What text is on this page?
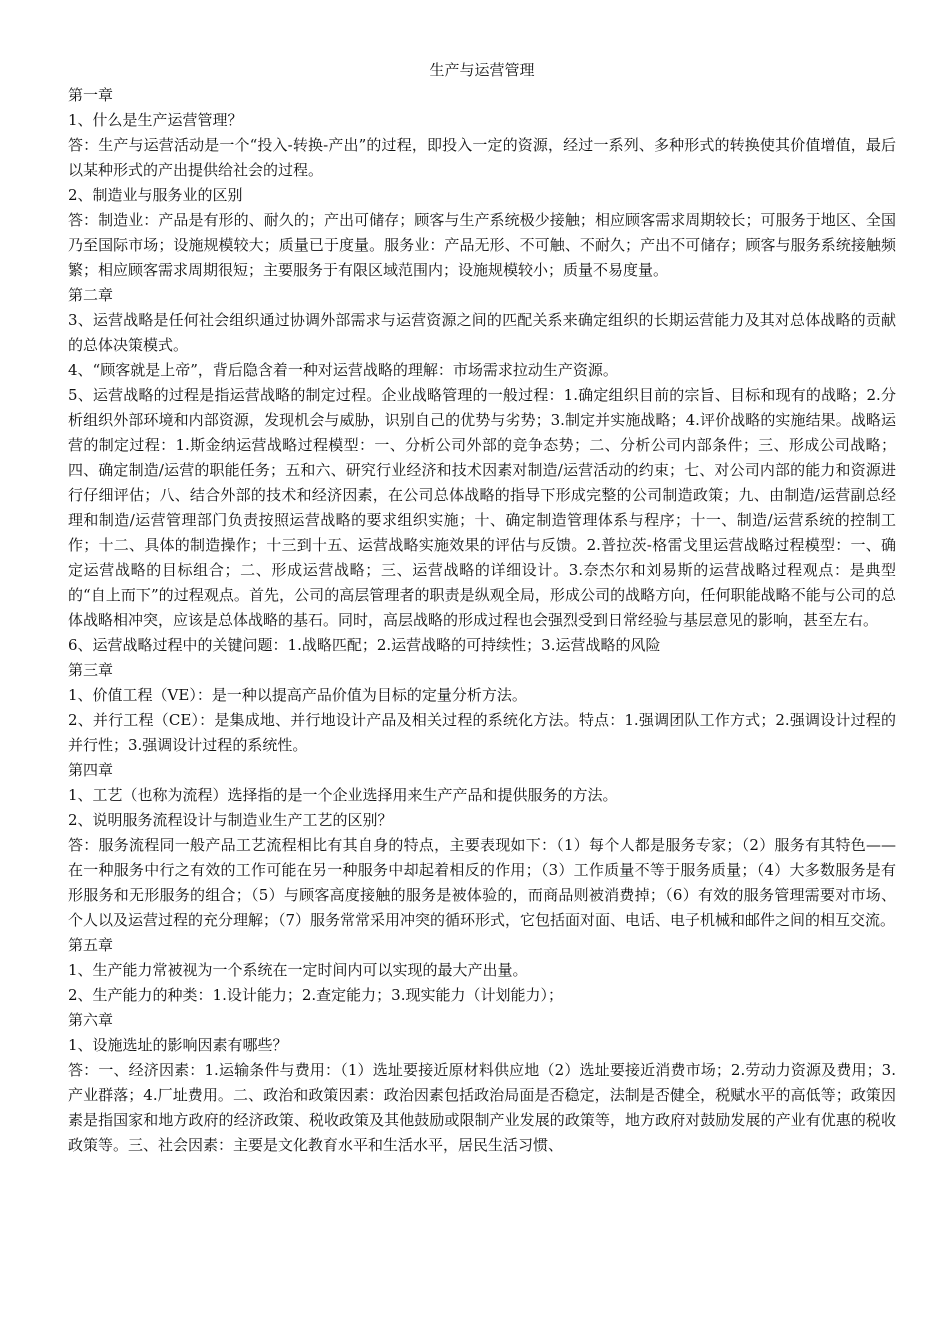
生产与运营管理

第一章

1、什么是生产运营管理？

答：生产与运营活动是一个“投入-转换-产出”的过程，即投入一定的资源，经过一系列、多种形式的转换使其价值增值，最后以某种形式的产出提供给社会的过程。

2、制造业与服务业的区别

答：制造业：产品是有形的、耐久的；产出可储存；顾客与生产系统极少接触；相应顾客需求周期较长；可服务于地区、全国乃至国际市场；设施规模较大；质量已于度量。服务业：产品无形、不可触、不耐久；产出不可储存；顾客与服务系统接触频繁；相应顾客需求周期很短；主要服务于有限区域范围内；设施规模较小；质量不易度量。

第二章

3、运营战略是任何社会组织通过协调外部需求与运营资源之间的匹配关系来确定组织的长期运营能力及其对总体战略的贡献的总体决策模式。

4、“顾客就是上帝”，背后隐含着一种对运营战略的理解：市场需求拉动生产资源。

5、运营战略的过程是指运营战略的制定过程。企业战略管理的一般过程：1.确定组织目前的宗旨、目标和现有的战略；2.分析组织外部环境和内部资源，发现机会与威胁，识别自己的优势与劣势；3.制定并实施战略；4.评价战略的实施结果。战略运营的制定过程：1.斯金纳运营战略过程模型：一、分析公司外部的竞争态势；二、分析公司内部条件；三、形成公司战略；四、确定制造/运营的职能任务；五和六、研究行业经济和技术因素对制造/运营活动的约束；七、对公司内部的能力和资源进行仔细评估；八、结合外部的技术和经济因素，在公司总体战略的指导下形成完整的公司制造政策；九、由制造/运营副总经理和制造/运营管理部门负责按照运营战略的要求组织实施；十、确定制造管理体系与程序；十一、制造/运营系统的控制工作；十二、具体的制造操作；十三到十五、运营战略实施效果的评估与反馈。2.普拉茨-格雷戈里运营战略过程模型：一、确定运营战略的目标组合；二、形成运营战略；三、运营战略的详细设计。3.奈杰尔和刘易斯的运营战略过程观点：是典型的“自上而下”的过程观点。首先，公司的高层管理者的职责是纵观全局，形成公司的战略方向，任何职能战略不能与公司的总体战略相冲突，应该是总体战略的基石。同时，高层战略的形成过程也会强烈受到日常经验与基层意见的影响，甚至左右。

6、运营战略过程中的关键问题：1.战略匹配；2.运营战略的可持续性；3.运营战略的风险

第三章

1、价值工程（VE）：是一种以提高产品价值为目标的定量分析方法。

2、并行工程（CE）：是集成地、并行地设计产品及相关过程的系统化方法。特点：1.强调团队工作方式；2.强调设计过程的并行性；3.强调设计过程的系统性。

第四章

1、工艺（也称为流程）选择指的是一个企业选择用来生产产品和提供服务的方法。

2、说明服务流程设计与制造业生产工艺的区别？

答：服务流程同一般产品工艺流程相比有其自身的特点，主要表现如下：（1）每个人都是服务专家；（2）服务有其特色——在一种服务中行之有效的工作可能在另一种服务中却起着相反的作用；（3）工作质量不等于服务质量；（4）大多数服务是有形服务和无形服务的组合；（5）与顾客高度接触的服务是被体验的，而商品则被消费掉；（6）有效的服务管理需要对市场、个人以及运营过程的充分理解；（7）服务常常采用冲突的循环形式，它包括面对面、电话、电子机械和邮件之间的相互交流。

第五章

1、生产能力常被视为一个系统在一定时间内可以实现的最大产出量。

2、生产能力的种类：1.设计能力；2.查定能力；3.现实能力（计划能力）；

第六章

1、设施选址的影响因素有哪些？

答：一、经济因素：1.运输条件与费用：（1）选址要接近原材料供应地（2）选址要接近消费市场；2.劳动力资源及费用；3.产业群落；4.厂址费用。二、政治和政策因素：政治因素包括政治局面是否稳定，法制是否健全，税赋水平的高低等；政策因素是指国家和地方政府的经济政策、税收政策及其他鼓励或限制产业发展的政策等，地方政府对鼓励发展的产业有优惠的税收政策等。三、社会因素：主要是文化教育水平和生活水平，居民生活习惯、
